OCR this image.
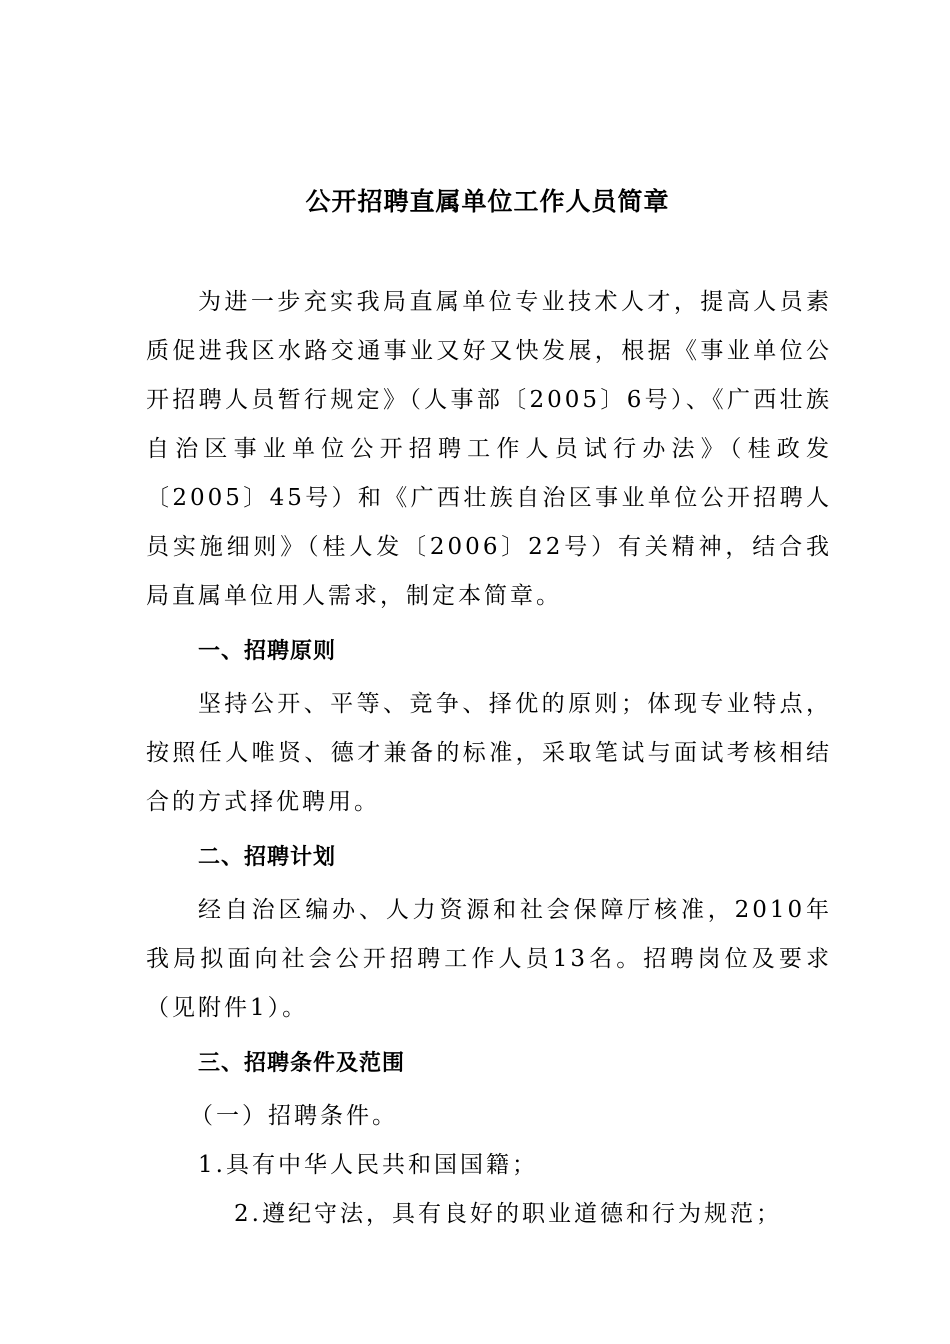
公开招聘直属单位工作人员简章

为进一步充实我局直属单位专业技术人才，提高人员素质促进我区水路交通事业又好又快发展，根据《事业单位公开招聘人员暂行规定》（人事部〔2005〕6号）、《广西壮族自治区事业单位公开招聘工作人员试行办法》（桂政发〔2005〕45号）和《广西壮族自治区事业单位公开招聘人员实施细则》（桂人发〔2006〕22号）有关精神，结合我局直属单位用人需求，制定本简章。

一、招聘原则

坚持公开、平等、竞争、择优的原则；体现专业特点，按照任人唯贤、德才兼备的标准，采取笔试与面试考核相结合的方式择优聘用。

二、招聘计划

经自治区编办、人力资源和社会保障厅核准，2010年我局拟面向社会公开招聘工作人员13名。招聘岗位及要求（见附件1）。

三、招聘条件及范围

（一）招聘条件。

1.具有中华人民共和国国籍；

2.遵纪守法，具有良好的职业道德和行为规范；
